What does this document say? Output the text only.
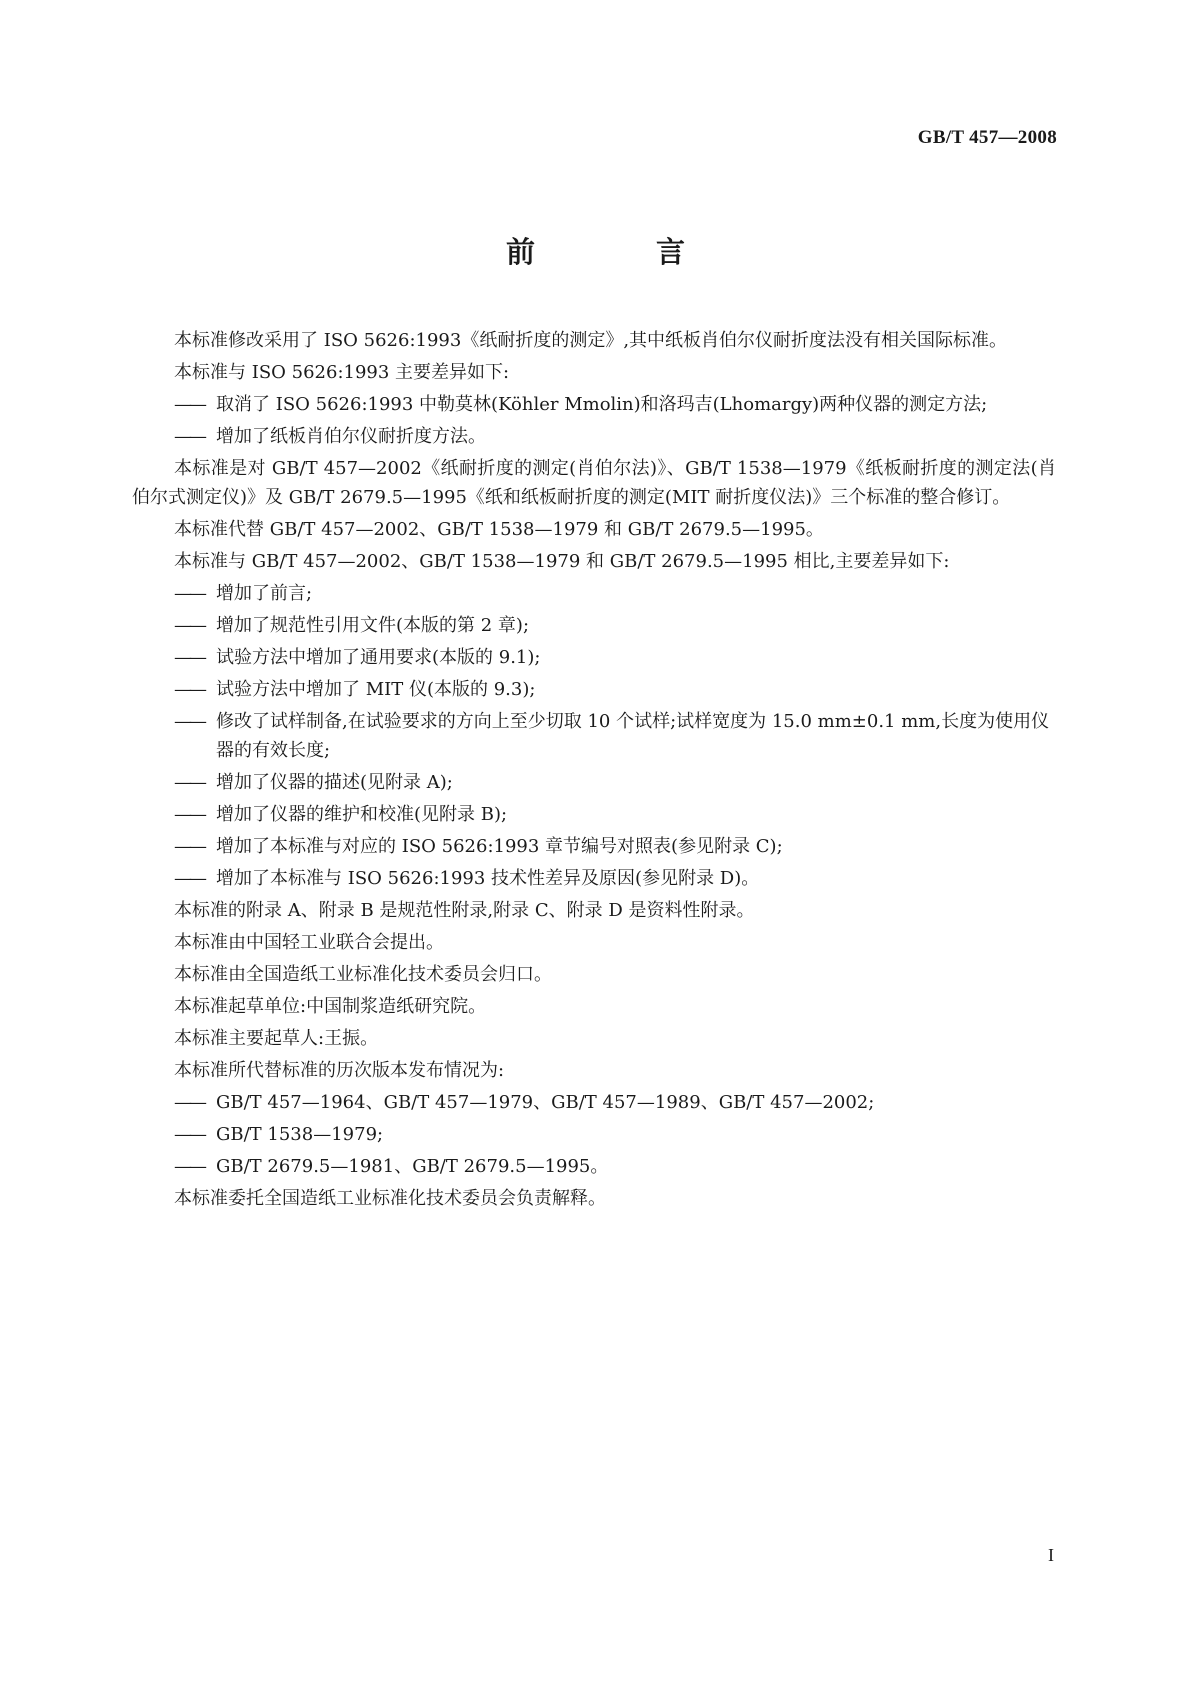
GB/T 457—2008
前　言

本标准修改采用了 ISO 5626:1993《纸耐折度的测定》,其中纸板肖伯尔仪耐折度法没有相关国际标准。

本标准与 ISO 5626:1993 主要差异如下:

—— 取消了 ISO 5626:1993 中勒莫林(Köhler Mmolin)和洛玛吉(Lhomargy)两种仪器的测定方法;
—— 增加了纸板肖伯尔仪耐折度方法。

本标准是对 GB/T 457—2002《纸耐折度的测定(肖伯尔法)》、GB/T 1538—1979《纸板耐折度的测定法(肖伯尔式测定仪)》及 GB/T 2679.5—1995《纸和纸板耐折度的测定(MIT 耐折度仪法)》三个标准的整合修订。

本标准代替 GB/T 457—2002、GB/T 1538—1979 和 GB/T 2679.5—1995。

本标准与 GB/T 457—2002、GB/T 1538—1979 和 GB/T 2679.5—1995 相比,主要差异如下:

—— 增加了前言;
—— 增加了规范性引用文件(本版的第 2 章);
—— 试验方法中增加了通用要求(本版的 9.1);
—— 试验方法中增加了 MIT 仪(本版的 9.3);
—— 修改了试样制备,在试验要求的方向上至少切取 10 个试样;试样宽度为 15.0 mm±0.1 mm,长度为使用仪器的有效长度;
—— 增加了仪器的描述(见附录 A);
—— 增加了仪器的维护和校准(见附录 B);
—— 增加了本标准与对应的 ISO 5626:1993 章节编号对照表(参见附录 C);
—— 增加了本标准与 ISO 5626:1993 技术性差异及原因(参见附录 D)。

本标准的附录 A、附录 B 是规范性附录,附录 C、附录 D 是资料性附录。

本标准由中国轻工业联合会提出。

本标准由全国造纸工业标准化技术委员会归口。

本标准起草单位:中国制浆造纸研究院。

本标准主要起草人:王振。

本标准所代替标准的历次版本发布情况为:

—— GB/T 457—1964、GB/T 457—1979、GB/T 457—1989、GB/T 457—2002;
—— GB/T 1538—1979;
—— GB/T 2679.5—1981、GB/T 2679.5—1995。

本标准委托全国造纸工业标准化技术委员会负责解释。

I
